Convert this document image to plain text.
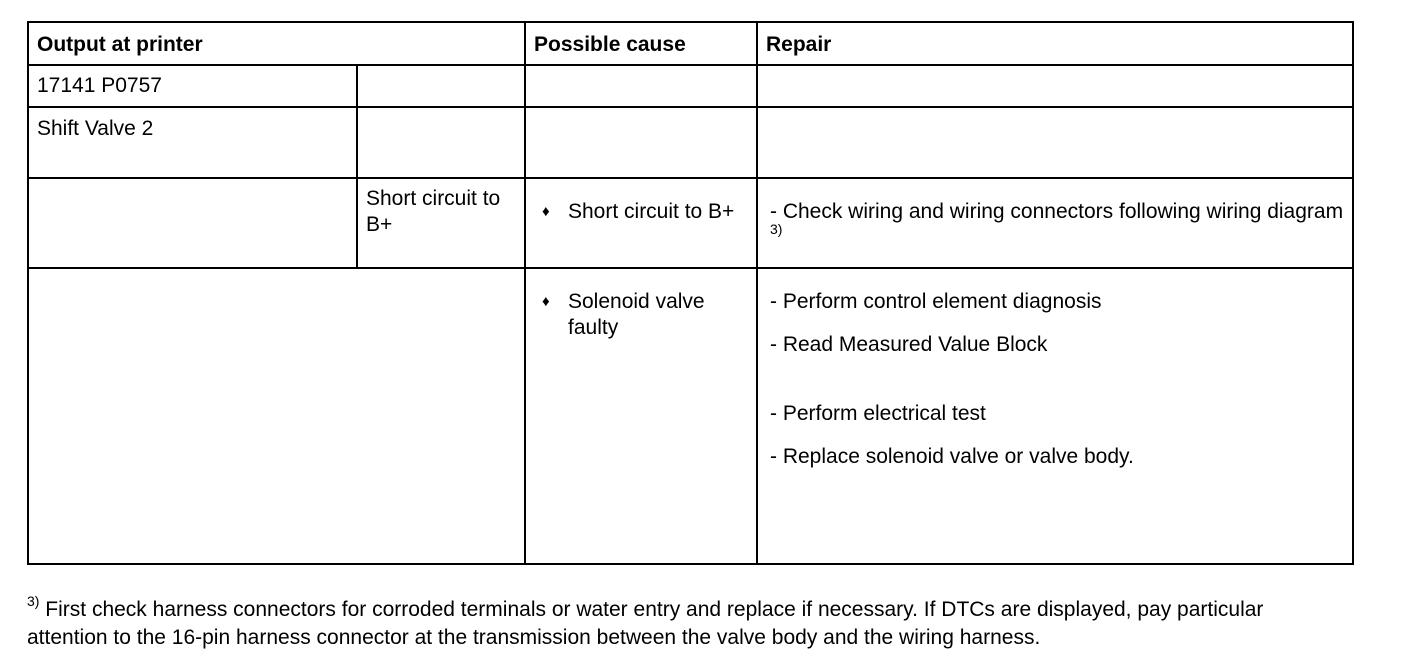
Output at printer		Possible cause	Repair

17141 P0757			

Shift Valve 2			

	Short circuit to B+	♦ Short circuit to B+	- Check wiring and wiring connectors following wiring diagram $^{3)}$

		♦ Solenoid valve faulty	- Perform control element diagnosis
- Read Measured Value Block
- Perform electrical test
- Replace solenoid valve or valve body.
$^{3)}$ First check harness connectors for corroded terminals or water entry and replace if necessary. If DTCs are displayed, pay particular attention to the 16-pin harness connector at the transmission between the valve body and the wiring harness.
